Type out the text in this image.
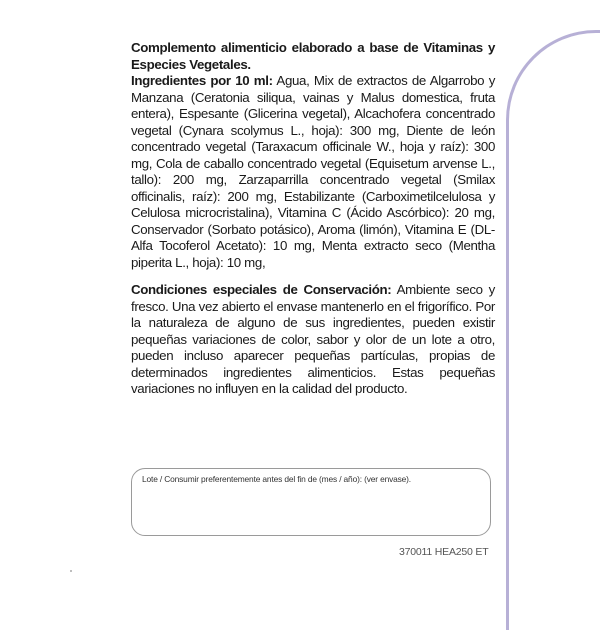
Complemento alimenticio elaborado a base de Vitaminas y Especies Vegetales.

Ingredientes por 10 ml: Agua, Mix de extractos de Algarrobo y Manzana (Ceratonia siliqua, vainas y Malus domestica, fruta entera), Espesante (Glicerina vegetal), Alcachofera concentrado vegetal (Cynara scolymus L., hoja): 300 mg, Diente de león concentrado vegetal (Taraxacum officinale W., hoja y raíz): 300 mg, Cola de caballo concentrado vegetal (Equisetum arvense L., tallo): 200 mg, Zarzaparrilla concentrado vegetal (Smilax officinalis, raíz): 200 mg, Estabilizante (Carboximetilcelulosa y Celulosa microcristalina), Vitamina C (Ácido Ascórbico): 20 mg, Conservador (Sorbato potásico), Aroma (limón), Vitamina E (DL-Alfa Tocoferol Acetato): 10 mg, Menta extracto seco (Mentha piperita L., hoja): 10 mg,

Condiciones especiales de Conservación: Ambiente seco y fresco. Una vez abierto el envase mantenerlo en el frigorífico. Por la naturaleza de alguno de sus ingredientes, pueden existir pequeñas variaciones de color, sabor y olor de un lote a otro, pueden incluso aparecer pequeñas partículas, propias de determinados ingredientes alimenticios. Estas pequeñas variaciones no influyen en la calidad del producto.

Lote / Consumir preferentemente antes del fin de (mes / año): (ver envase).
370011 HEA250 ET
